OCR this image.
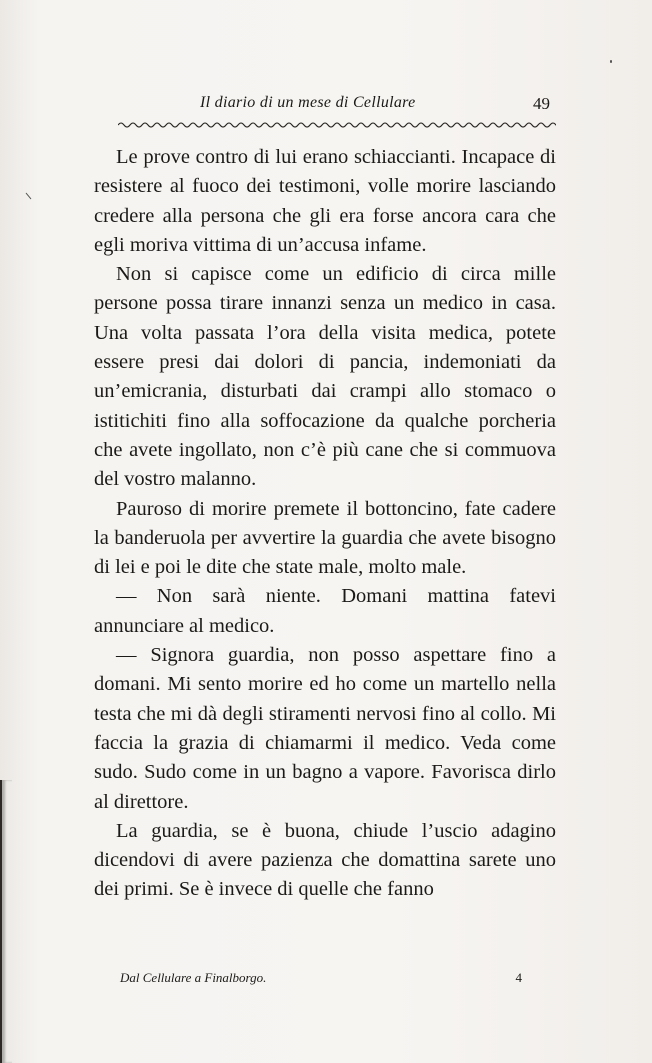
Il diario di un mese di Cellulare	49

Le prove contro di lui erano schiaccianti. Incapace di resistere al fuoco dei testimoni, volle morire lasciando credere alla persona che gli era forse ancora cara che egli moriva vittima di un’accusa infame.

Non si capisce come un edificio di circa mille persone possa tirare innanzi senza un medico in casa. Una volta passata l’ora della visita medica, potete essere presi dai dolori di pancia, indemoniati da un’emicrania, disturbati dai crampi allo stomaco o istitichiti fino alla soffocazione da qualche porcheria che avete ingollato, non c’è più cane che si commuova del vostro malanno.

Pauroso di morire premete il bottoncino, fate cadere la banderuola per avvertire la guardia che avete bisogno di lei e poi le dite che state male, molto male.

— Non sarà niente. Domani mattina fatevi annunciare al medico.

— Signora guardia, non posso aspettare fino a domani. Mi sento morire ed ho come un martello nella testa che mi dà degli stiramenti nervosi fino al collo. Mi faccia la grazia di chiamarmi il medico. Veda come sudo. Sudo come in un bagno a vapore. Favorisca dirlo al direttore.

La guardia, se è buona, chiude l’uscio adagino dicendovi di avere pazienza che domattina sarete uno dei primi. Se è invece di quelle che fanno

Dal Cellulare a Finalborgo.	4
